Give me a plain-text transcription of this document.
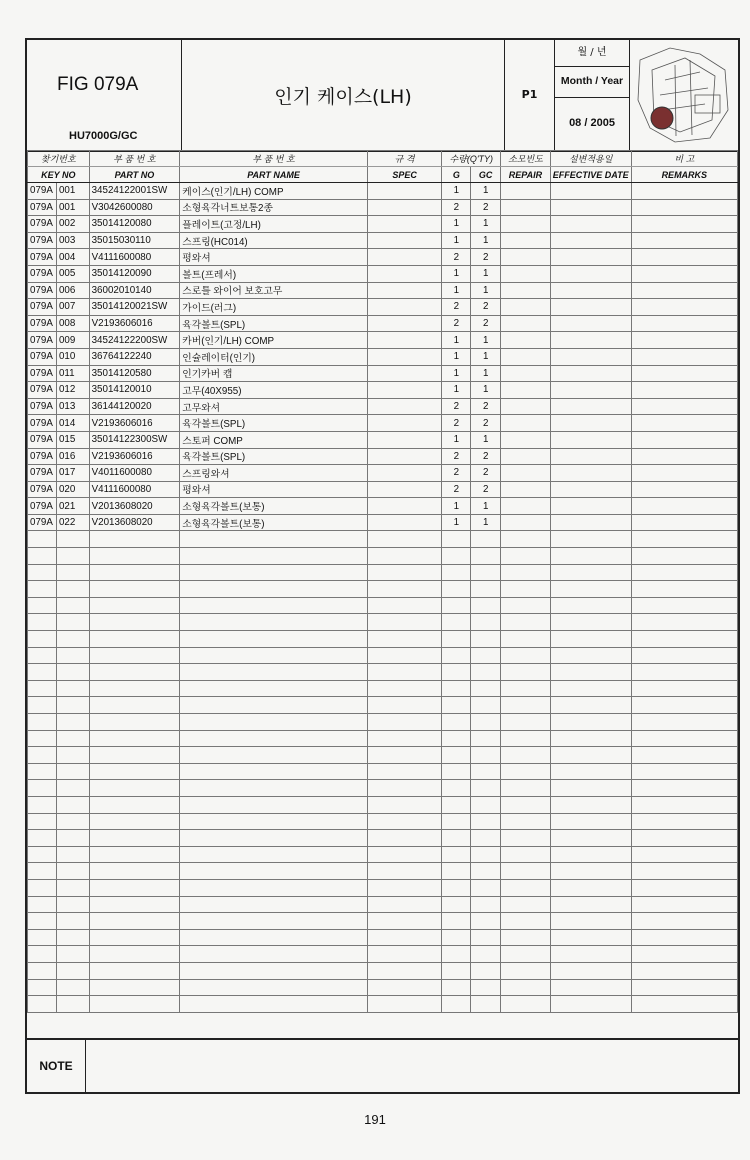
FIG 079A
HU7000G/GC
인기 케이스(LH)	P1
월 / 년
Month / Year
08 / 2005
찾기번호		부 품 번 호	부 품 번 호	규 격	수량(Q'TY)		소모빈도	설변적용일	비 고
KEY NO		PART NO	PART NAME	SPEC	G	GC	REPAIR	EFFECTIVE DATE	REMARKS
079A	001	34524122001SW	케이스(인기/LH) COMP		1	1			
079A	001	V3042600080	소형육각너트보통2종		2	2			
079A	002	35014120080	플레이트(고정/LH)		1	1			
079A	003	35015030110	스프링(HC014)		1	1			
079A	004	V4111600080	평와셔		2	2			
079A	005	35014120090	볼트(프레서)		1	1			
079A	006	36002010140	스로틀 와이어 보호고무		1	1			
079A	007	35014120021SW	가이드(러그)		2	2			
079A	008	V2193606016	육각볼트(SPL)		2	2			
079A	009	34524122200SW	카버(인기/LH) COMP		1	1			
079A	010	36764122240	인슐레이터(인기)		1	1			
079A	011	35014120580	인기카버 캡		1	1			
079A	012	35014120010	고무(40X955)		1	1			
079A	013	36144120020	고무와셔		2	2			
079A	014	V2193606016	육각볼트(SPL)		2	2			
079A	015	35014122300SW	스토퍼 COMP		1	1			
079A	016	V2193606016	육각볼트(SPL)		2	2			
079A	017	V4011600080	스프링와셔		2	2			
079A	020	V4111600080	평와셔		2	2			
079A	021	V2013608020	소형육각볼트(보통)		1	1			
079A	022	V2013608020	소형육각볼트(보통)		1	1			

NOTE
191
